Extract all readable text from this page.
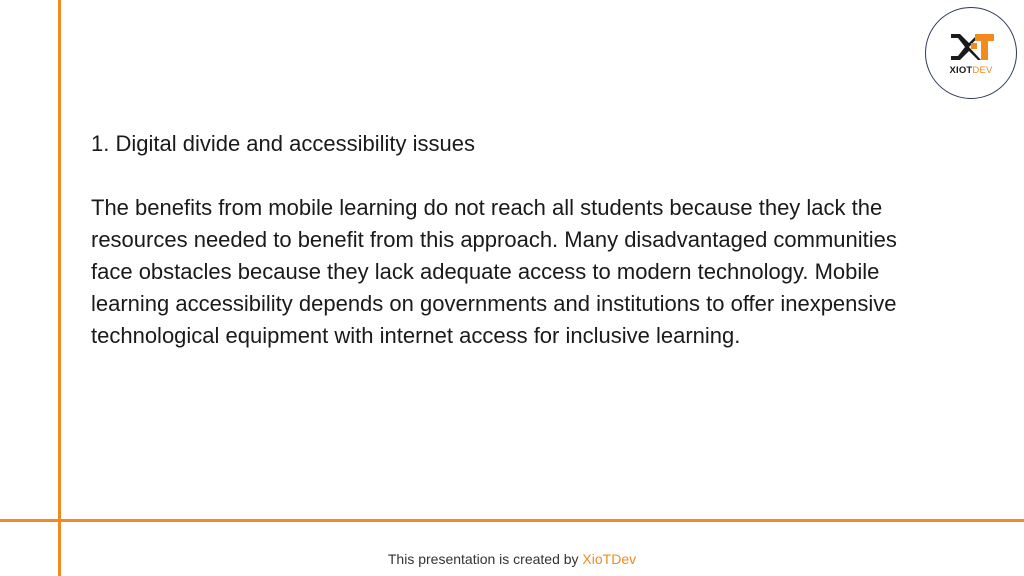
XIOTDEV

1. Digital divide and accessibility issues

The benefits from mobile learning do not reach all students because they lack the resources needed to benefit from this approach. Many disadvantaged communities face obstacles because they lack adequate access to modern technology. Mobile learning accessibility depends on governments and institutions to offer inexpensive technological equipment with internet access for inclusive learning.

This presentation is created by XioTDev
